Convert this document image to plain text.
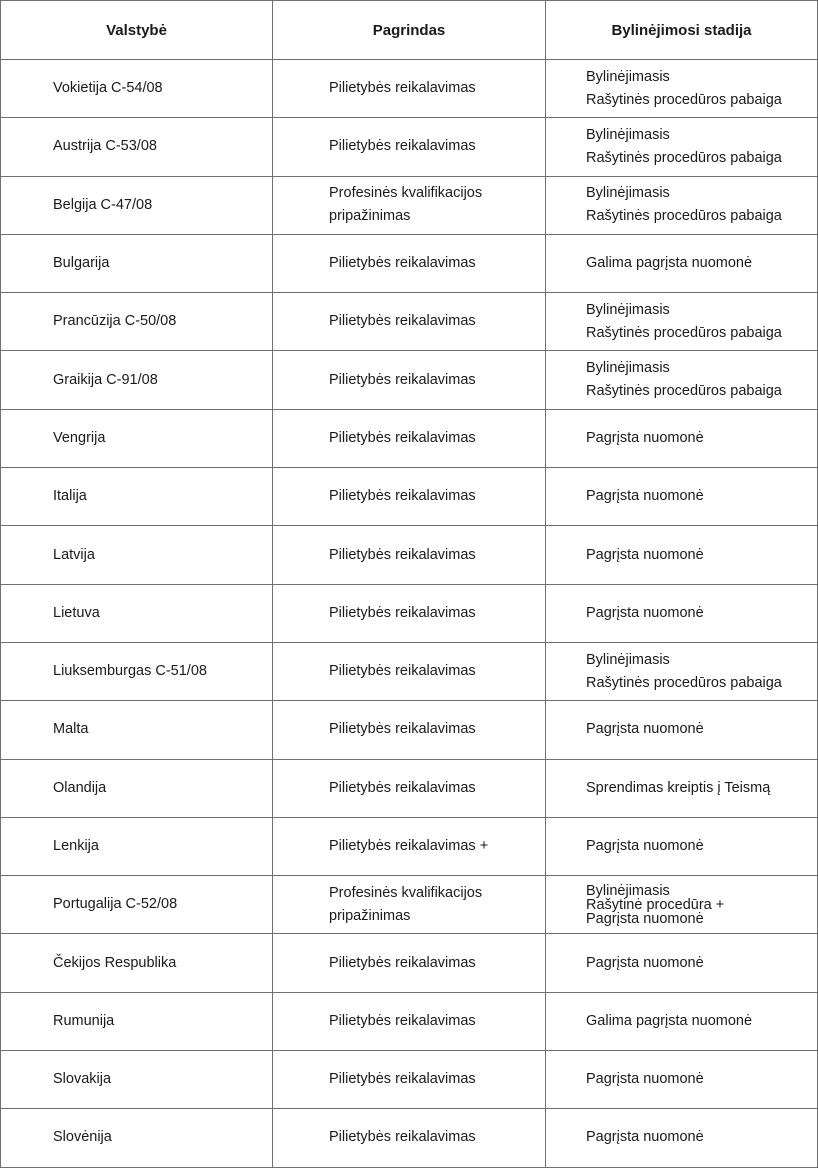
Valstybė	Pagrindas	Bylinėjimosi stadija
Vokietija C-54/08	Pilietybės reikalavimas	Bylinėjimasis
Rašytinės procedūros pabaiga

Austrija C-53/08	Pilietybės reikalavimas	Bylinėjimasis
Rašytinės procedūros pabaiga

Belgija C-47/08	Profesinės kvalifikacijos
pripažinimas	Bylinėjimasis
Rašytinės procedūros pabaiga

Bulgarija	Pilietybės reikalavimas	Galima pagrįsta nuomonė

Prancūzija C-50/08	Pilietybės reikalavimas	Bylinėjimasis
Rašytinės procedūros pabaiga

Graikija C-91/08	Pilietybės reikalavimas	Bylinėjimasis
Rašytinės procedūros pabaiga

Vengrija	Pilietybės reikalavimas	Pagrįsta nuomonė

Italija	Pilietybės reikalavimas	Pagrįsta nuomonė

Latvija	Pilietybės reikalavimas	Pagrįsta nuomonė

Lietuva	Pilietybės reikalavimas	Pagrįsta nuomonė

Liuksemburgas C-51/08	Pilietybės reikalavimas	Bylinėjimasis
Rašytinės procedūros pabaiga

Malta	Pilietybės reikalavimas	Pagrįsta nuomonė

Olandija	Pilietybės reikalavimas	Sprendimas kreiptis į Teismą

Lenkija	Pilietybės reikalavimas +	Pagrįsta nuomonė

Portugalija C-52/08	Profesinės kvalifikacijos
pripažinimas	Bylinėjimasis
Rašytinė procedūra +
Pagrįsta nuomonė

Čekijos Respublika	Pilietybės reikalavimas	Pagrįsta nuomonė

Rumunija	Pilietybės reikalavimas	Galima pagrįsta nuomonė

Slovakija	Pilietybės reikalavimas	Pagrįsta nuomonė

Slovėnija	Pilietybės reikalavimas	Pagrįsta nuomonė
